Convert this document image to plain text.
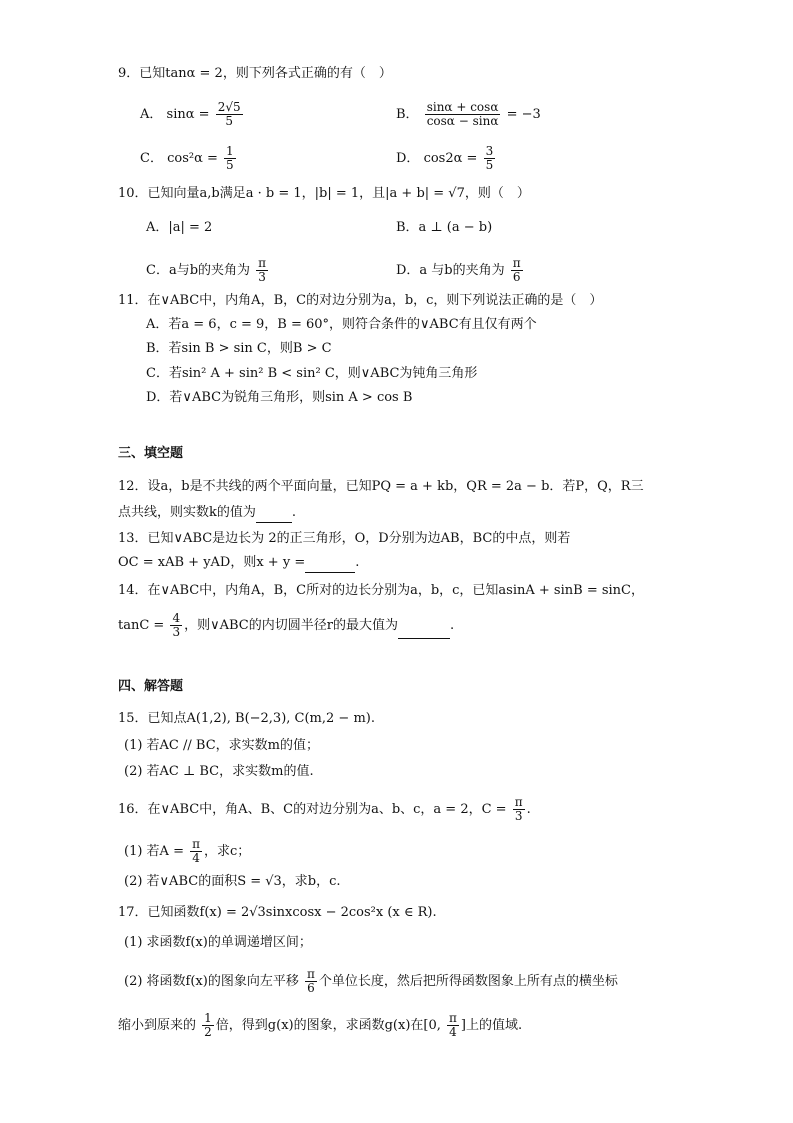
9．已知tanα = 2，则下列各式正确的有（　）
A． $\sin\alpha = \frac{2√5}{5}$	B． $\frac{\sin\alpha + \cos\alpha}{\cos\alpha - \sin\alpha} = -3$
C． $\cos^2\alpha = \frac{1}{5}$	D． $\cos 2\alpha = \frac{3}{5}$
10．已知向量a,b满足a · b = 1，|b| = 1，且|a + b| = √7，则（　）
A．|a| = 2	B．a ⊥ (a − b)
C．a与b的夹角为 $\frac{\pi}{3}$	D．a 与b的夹角为 $\frac{\pi}{6}$
11．在∨ABC中，内角A，B，C的对边分别为a，b，c，则下列说法正确的是（　）
A．若a = 6，c = 9，B = 60°，则符合条件的∨ABC有且仅有两个
B．若sin B > sin C，则B > C
C．若sin² A + sin² B < sin² C，则∨ABC为钝角三角形
D．若∨ABC为锐角三角形，则sin A > cos B
三、填空题
12．设a，b是不共线的两个平面向量，已知PQ = a + kb，QR = 2a − b．若P，Q，R三
点共线，则实数k的值为	.
13．已知∨ABC是边长为 2的正三角形，O，D分别为边AB，BC的中点，则若
OC = xAB + yAD，则x + y =	.
14．在∨ABC中，内角A，B，C所对的边长分别为a，b，c，已知asinA + sinB = sinC，
$\tan C = \frac{4}{3}$ ，则∨ABC的内切圆半径r的最大值为	.
四、解答题
15．已知点A(1,2), B(−2,3), C(m,2 − m).
(1) 若AC // BC，求实数m的值；
(2) 若AC ⊥ BC，求实数m的值.
16．在∨ABC中，角A、B、C的对边分别为a、b、c，a = 2，$C = \frac{\pi}{3}$ .
(1) 若$A = \frac{\pi}{4}$ ，求c；
(2) 若∨ABC的面积S = √3，求b，c.
17．已知函数f(x) = 2√3sinxcosx − 2cos²x (x ∈ R).
(1) 求函数f(x)的单调递增区间；
(2) 将函数f(x)的图象向左平移 $\frac{\pi}{6}$ 个单位长度，然后把所得函数图象上所有点的横坐标
缩小到原来的 $\frac{1}{2}$ 倍，得到g(x)的图象，求函数g(x)在[0, $\frac{\pi}{4}$ ]上的值域.
